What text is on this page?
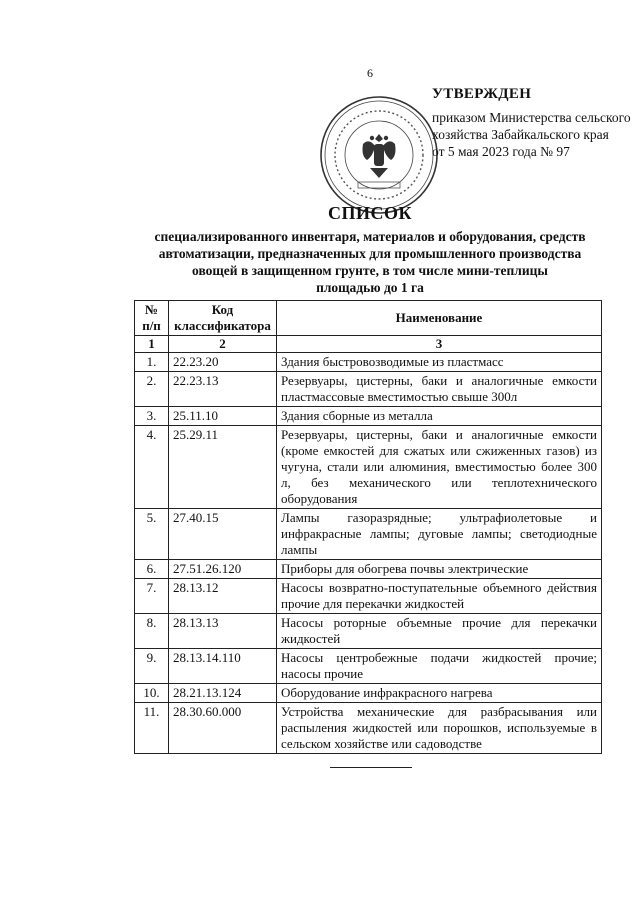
6
УТВЕРЖДЕН
приказом Министерства сельского
хозяйства Забайкальского края
от 5 мая 2023 года № 97
СПИСОК
специализированного инвентаря, материалов и оборудования, средств
автоматизации, предназначенных для промышленного производства
овощей в защищенном грунте, в том числе мини-теплицы
площадью до 1 га
№ п/п	Код классификатора	Наименование
1	2	3
1.	22.23.20	Здания быстровозводимые из пластмасс
2.	22.23.13	Резервуары, цистерны, баки и аналогичные емкости пластмассовые вместимостью свыше 300л
3.	25.11.10	Здания сборные из металла
4.	25.29.11	Резервуары, цистерны, баки и аналогичные емкости (кроме емкостей для сжатых или сжиженных газов) из чугуна, стали или алюминия, вместимостью более 300 л, без механического или теплотехнического оборудования
5.	27.40.15	Лампы газоразрядные; ультрафиолетовые и инфракрасные лампы; дуговые лампы; светодиодные лампы
6.	27.51.26.120	Приборы для обогрева почвы электрические
7.	28.13.12	Насосы возвратно-поступательные объемного действия прочие для перекачки жидкостей
8.	28.13.13	Насосы роторные объемные прочие для перекачки жидкостей
9.	28.13.14.110	Насосы центробежные подачи жидкостей прочие; насосы прочие
10.	28.21.13.124	Оборудование инфракрасного нагрева
11.	28.30.60.000	Устройства механические для разбрасывания или распыления жидкостей или порошков, используемые в сельском хозяйстве или садоводстве
